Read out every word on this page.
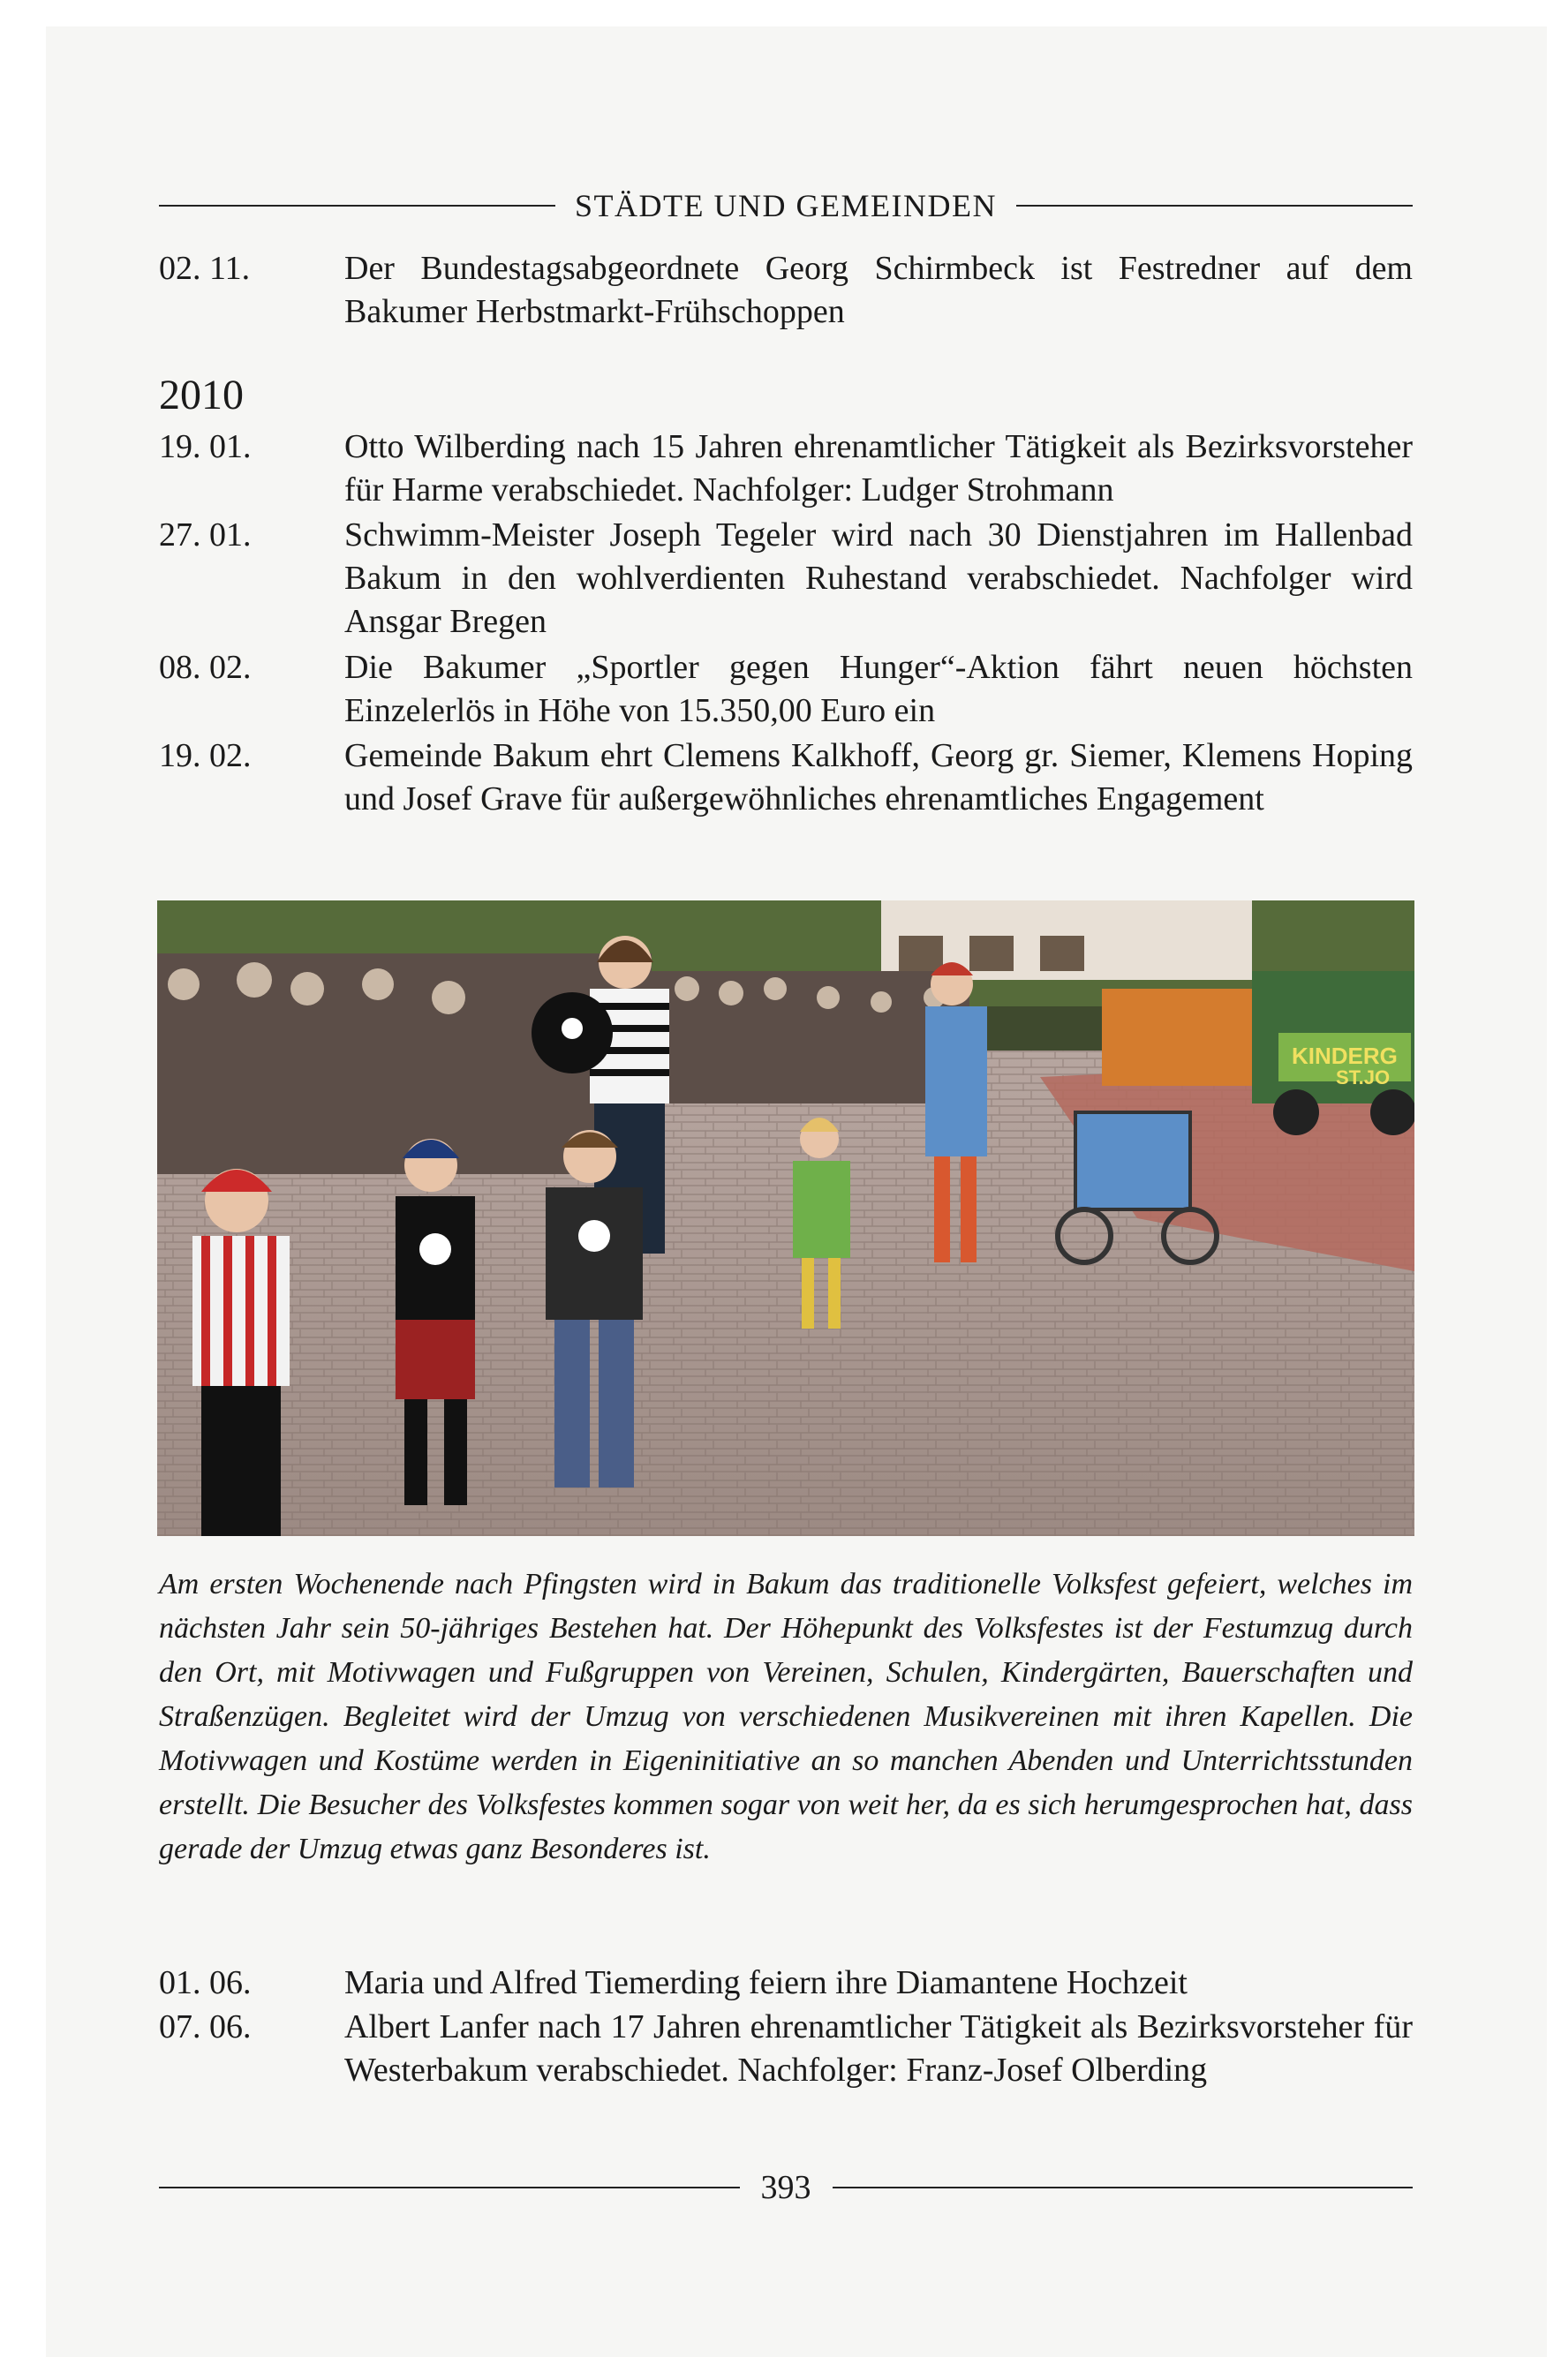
STÄDTE UND GEMEINDEN
02. 11.	Der Bundestagsabgeordnete Georg Schirmbeck ist Festredner auf dem Bakumer Herbstmarkt-Frühschoppen
2010
19. 01.	Otto Wilberding nach 15 Jahren ehrenamtlicher Tätigkeit als Bezirksvorsteher für Harme verabschiedet. Nachfolger: Ludger Strohmann
27. 01.	Schwimm-Meister Joseph Tegeler wird nach 30 Dienstjahren im Hallenbad Bakum in den wohlverdienten Ruhestand verabschiedet. Nachfolger wird Ansgar Bregen
08. 02.	Die Bakumer „Sportler gegen Hunger“-Aktion fährt neuen höchsten Einzelerlös in Höhe von 15.350,00 Euro ein
19. 02.	Gemeinde Bakum ehrt Clemens Kalkhoff, Georg gr. Siemer, Klemens Hoping und Josef Grave für außergewöhnliches ehrenamtliches Engagement
KINDERG
ST.JO
Am ersten Wochenende nach Pfingsten wird in Bakum das traditionelle Volksfest gefeiert, welches im nächsten Jahr sein 50-jähriges Bestehen hat. Der Höhepunkt des Volksfestes ist der Festumzug durch den Ort, mit Motivwagen und Fußgruppen von Vereinen, Schulen, Kindergärten, Bauerschaften und Straßenzügen. Begleitet wird der Umzug von verschiedenen Musikvereinen mit ihren Kapellen. Die Motivwagen und Kostüme werden in Eigeninitiative an so manchen Abenden und Unterrichtsstunden erstellt. Die Besucher des Volksfestes kommen sogar von weit her, da es sich herumgesprochen hat, dass gerade der Umzug etwas ganz Besonderes ist.
01. 06.	Maria und Alfred Tiemerding feiern ihre Diamantene Hochzeit
07. 06.	Albert Lanfer nach 17 Jahren ehrenamtlicher Tätigkeit als Bezirksvorsteher für Westerbakum verabschiedet. Nachfolger: Franz-Josef Olberding
393
